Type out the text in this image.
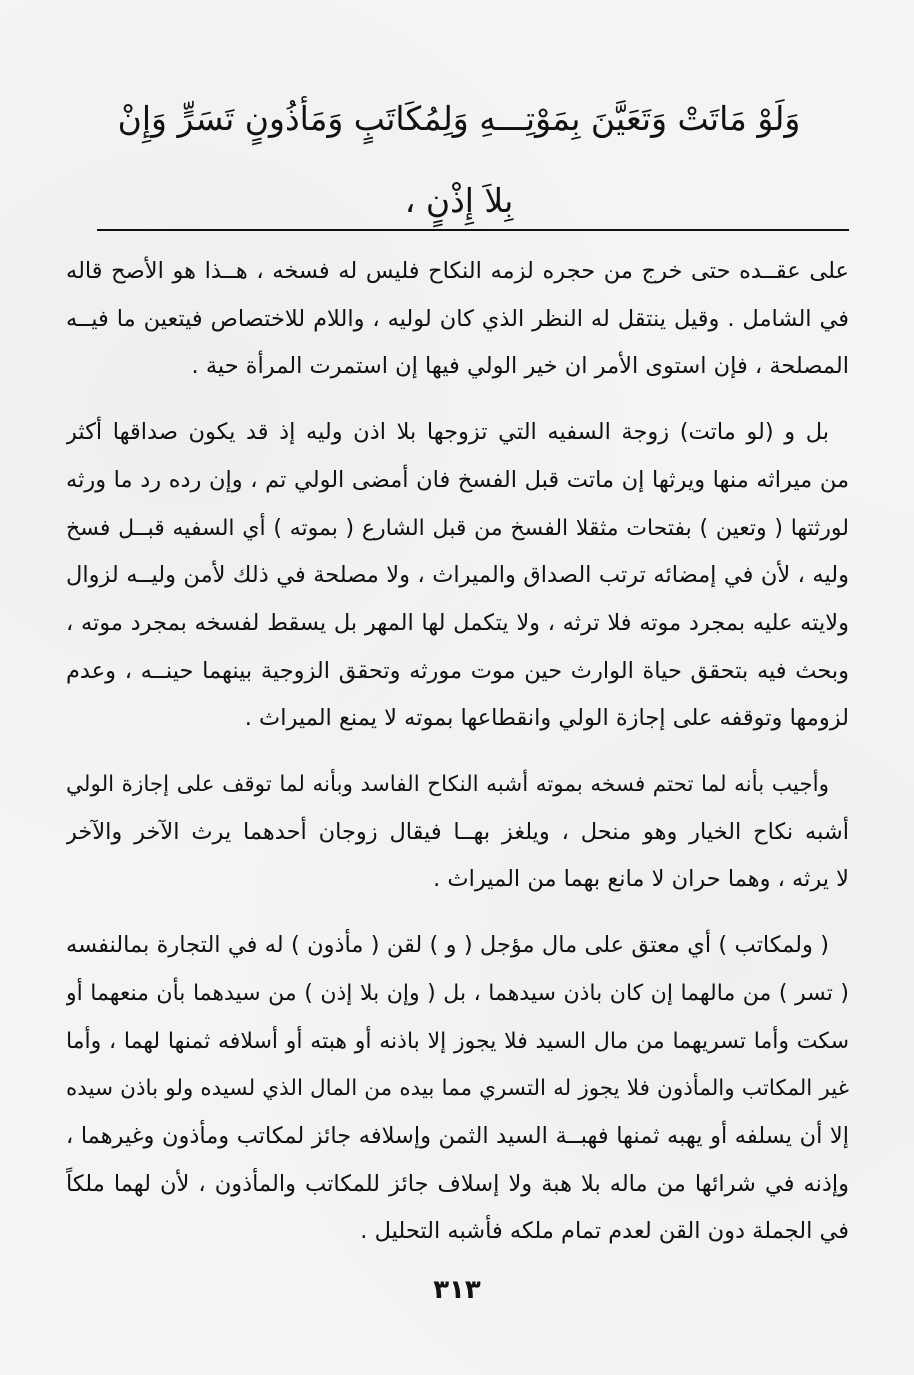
وَلَوْ مَاتَتْ وَتَعَيَّنَ بِمَوْتِـــهِ وَلِمُكَاتَبٍ وَمَأذُونٍ تَسَرٍّ وَإِنْ
بِلاَ إِذْنٍ ،
على عقــده حتى خرج من حجره لزمه النكاح فليس له فسخه ، هــذا هو الأصح قاله
في الشامل . وقيل ينتقل له النظر الذي كان لوليه ، واللام للاختصاص فيتعين ما فيــه
المصلحة ، فإن استوى الأمر ان خير الولي فيها إن استمرت المرأة حية .
بل و (لو ماتت) زوجة السفيه التي تزوجها بلا اذن وليه إذ قد يكون صداقها أكثر
من ميراثه منها ويرثها إن ماتت قبل الفسخ فان أمضى الولي تم ، وإن رده رد ما ورثه
لورثتها ( وتعين ) بفتحات مثقلا الفسخ من قبل الشارع ( بموته ) أي السفيه قبــل فسخ
وليه ، لأن في إمضائه ترتب الصداق والميراث ، ولا مصلحة في ذلك لأمن وليــه لزوال
ولايته عليه بمجرد موته فلا ترثه ، ولا يتكمل لها المهر بل يسقط لفسخه بمجرد موته ،
وبحث فيه بتحقق حياة الوارث حين موت مورثه وتحقق الزوجية بينهما حينــه ، وعدم
لزومها وتوقفه على إجازة الولي وانقطاعها بموته لا يمنع الميراث .
وأجيب بأنه لما تحتم فسخه بموته أشبه النكاح الفاسد وبأنه لما توقف على إجازة الولي
أشبه نكاح الخيار وهو منحل ، ويلغز بهــا فيقال زوجان أحدهما يرث الآخر والآخر
لا يرثه ، وهما حران لا مانع بهما من الميراث .
( ولمكاتب ) أي معتق على مال مؤجل ( و ) لقن ( مأذون ) له في التجارة بمالنفسه
( تسر ) من مالهما إن كان باذن سيدهما ، بل ( وإن بلا إذن ) من سيدهما بأن منعهما أو
سكت وأما تسريهما من مال السيد فلا يجوز إلا باذنه أو هبته أو أسلافه ثمنها لهما ، وأما
غير المكاتب والمأذون فلا يجوز له التسري مما بيده من المال الذي لسيده ولو باذن سيده
إلا أن يسلفه أو يهبه ثمنها فهبــة السيد الثمن وإسلافه جائز لمكاتب ومأذون وغيرهما ،
وإذنه في شرائها من ماله بلا هبة ولا إسلاف جائز للمكاتب والمأذون ، لأن لهما ملكاً
في الجملة دون القن لعدم تمام ملكه فأشبه التحليل .
٣١٣
